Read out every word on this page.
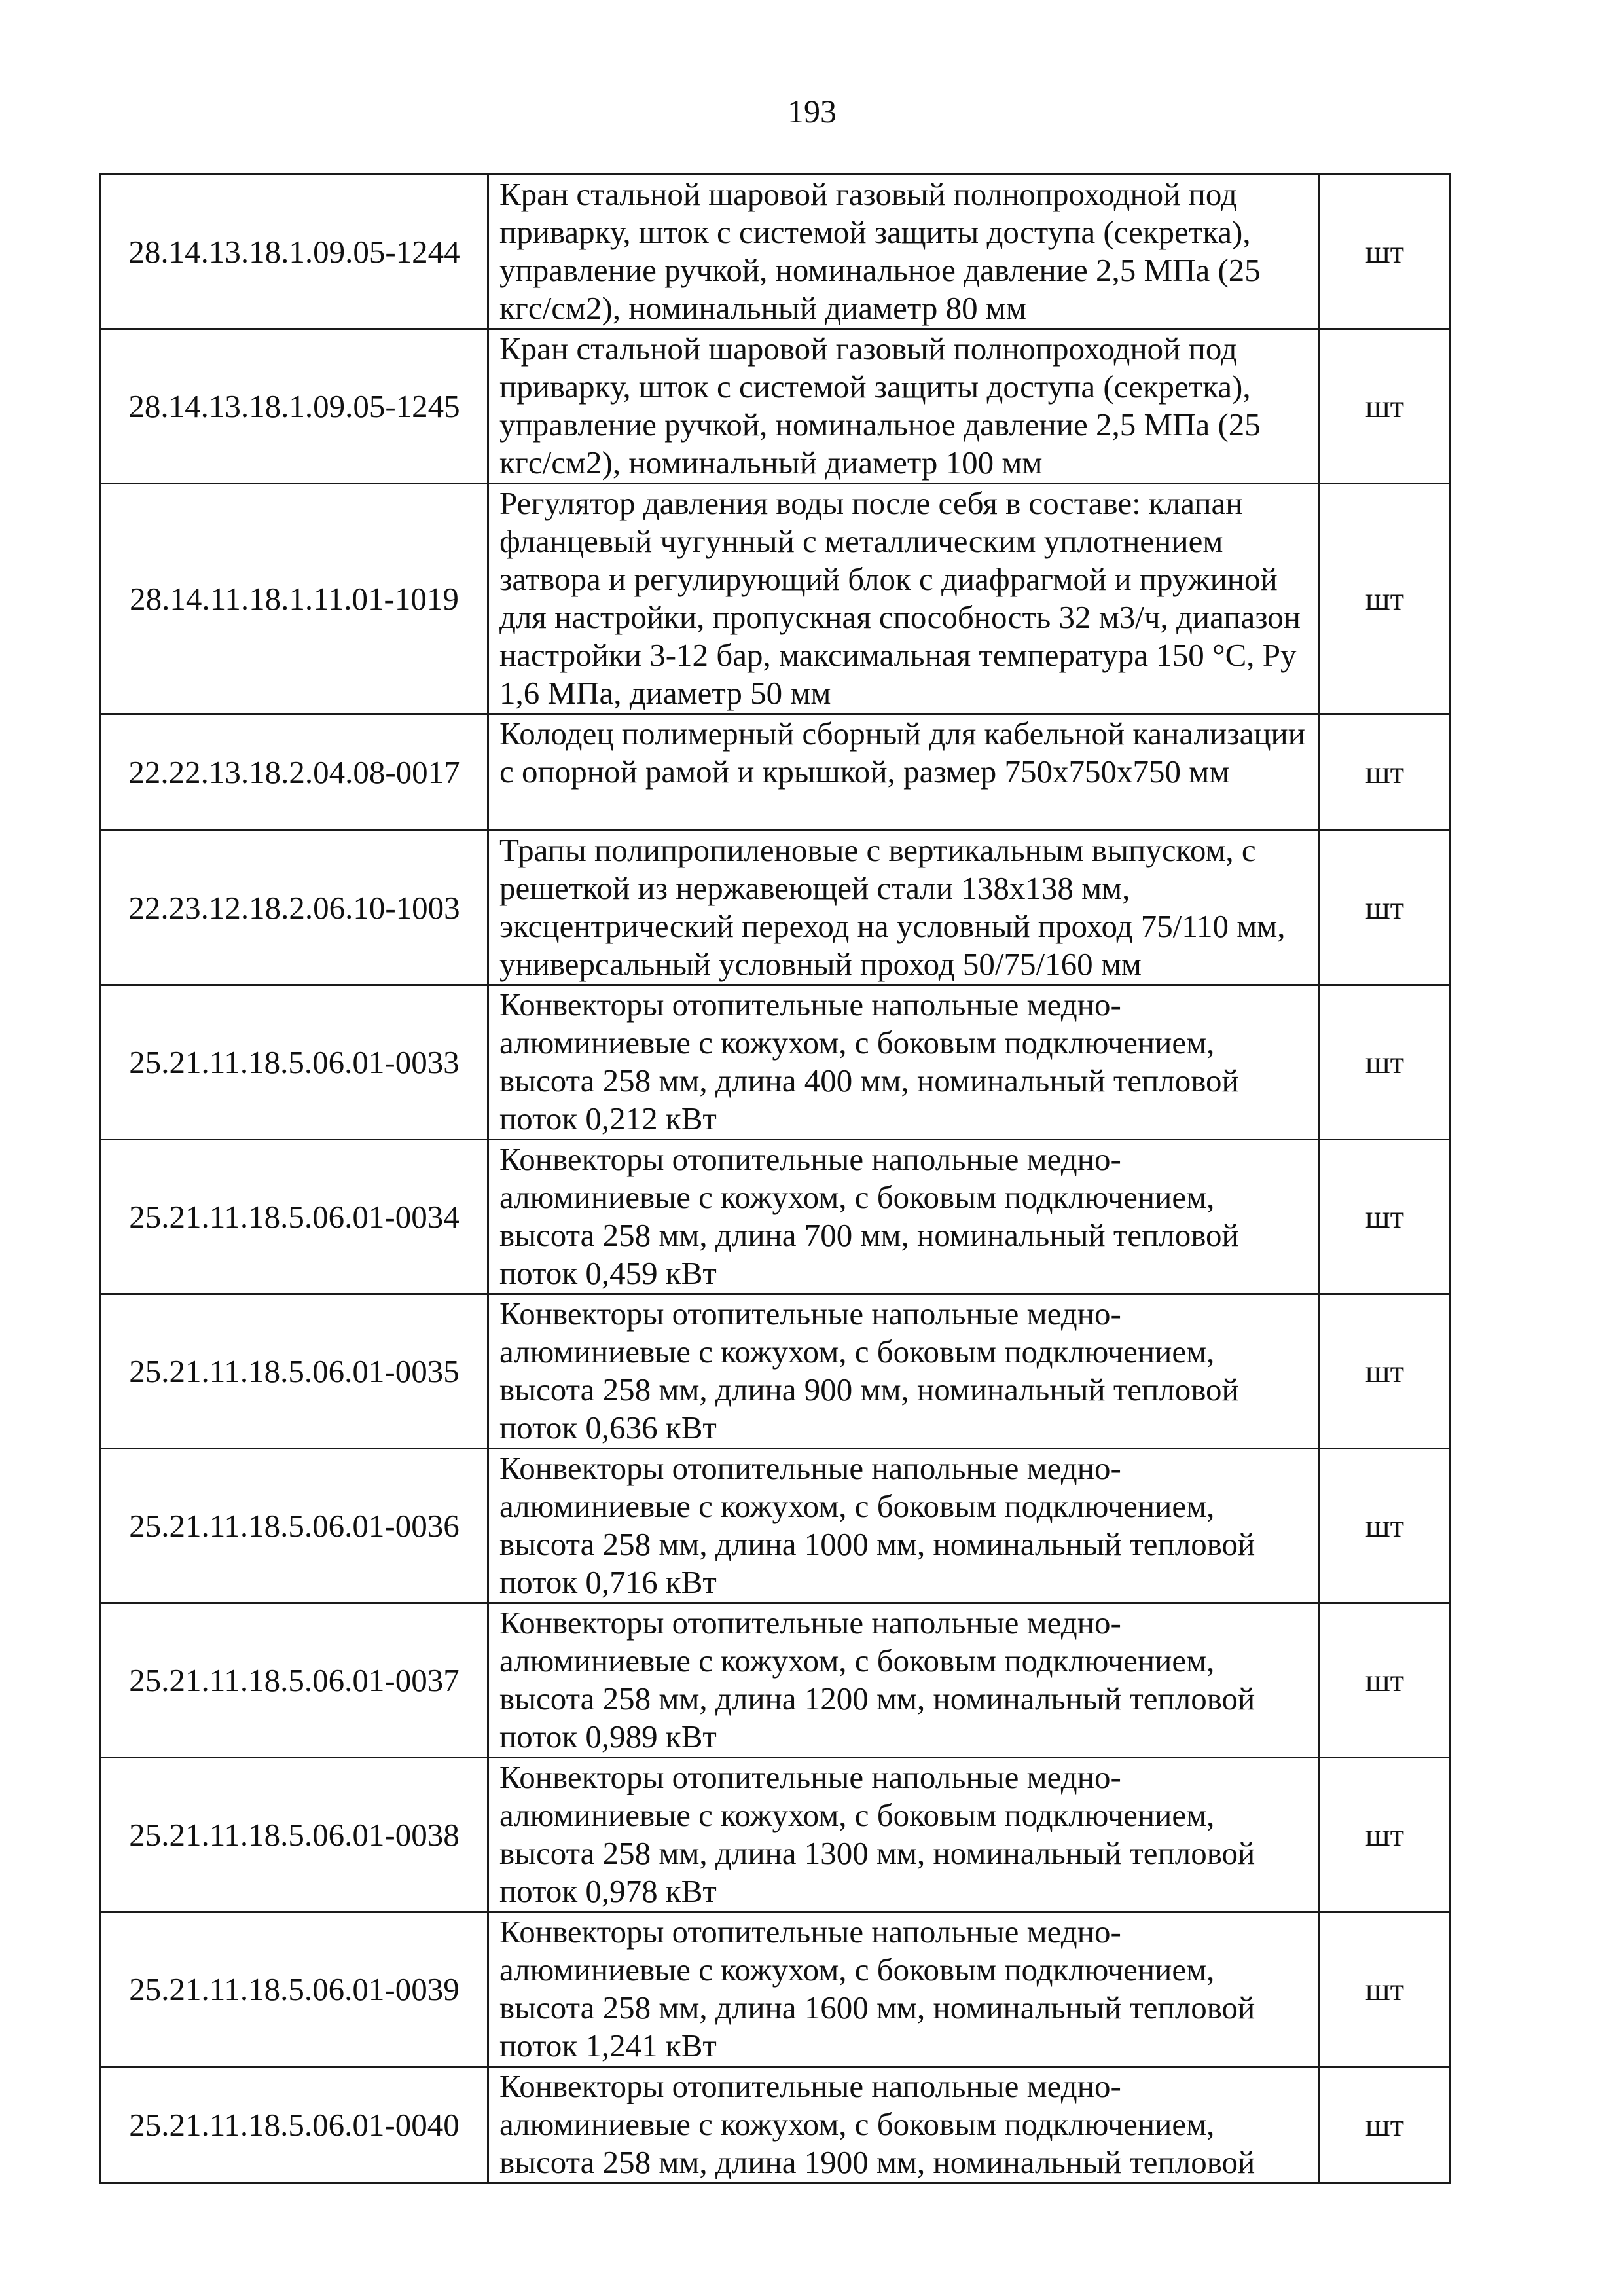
193
28.14.13.18.1.09.05-1244	Кран стальной шаровой газовый полнопроходной под приварку, шток с системой защиты доступа (секретка), управление ручкой, номинальное давление 2,5 МПа (25 кгс/см2), номинальный диаметр 80 мм	шт
28.14.13.18.1.09.05-1245	Кран стальной шаровой газовый полнопроходной под приварку, шток с системой защиты доступа (секретка), управление ручкой, номинальное давление 2,5 МПа (25 кгс/см2), номинальный диаметр 100 мм	шт
28.14.11.18.1.11.01-1019	Регулятор давления воды после себя в составе: клапан фланцевый чугунный с металлическим уплотнением затвора и регулирующий блок с диафрагмой и пружиной для настройки, пропускная способность 32 м3/ч, диапазон настройки 3-12 бар, максимальная температура 150 °С, Ру 1,6 МПа, диаметр 50 мм	шт
22.22.13.18.2.04.08-0017	Колодец полимерный сборный для кабельной канализации с опорной рамой и крышкой, размер 750х750х750 мм	шт
22.23.12.18.2.06.10-1003	Трапы полипропиленовые с вертикальным выпуском, с решеткой из нержавеющей стали 138х138 мм, эксцентрический переход на условный проход 75/110 мм, универсальный условный проход 50/75/160 мм	шт
25.21.11.18.5.06.01-0033	Конвекторы отопительные напольные медно-алюминиевые с кожухом, с боковым подключением, высота 258 мм, длина 400 мм, номинальный тепловой поток 0,212 кВт	шт
25.21.11.18.5.06.01-0034	Конвекторы отопительные напольные медно-алюминиевые с кожухом, с боковым подключением, высота 258 мм, длина 700 мм, номинальный тепловой поток 0,459 кВт	шт
25.21.11.18.5.06.01-0035	Конвекторы отопительные напольные медно-алюминиевые с кожухом, с боковым подключением, высота 258 мм, длина 900 мм, номинальный тепловой поток 0,636 кВт	шт
25.21.11.18.5.06.01-0036	Конвекторы отопительные напольные медно-алюминиевые с кожухом, с боковым подключением, высота 258 мм, длина 1000 мм, номинальный тепловой поток 0,716 кВт	шт
25.21.11.18.5.06.01-0037	Конвекторы отопительные напольные медно-алюминиевые с кожухом, с боковым подключением, высота 258 мм, длина 1200 мм, номинальный тепловой поток 0,989 кВт	шт
25.21.11.18.5.06.01-0038	Конвекторы отопительные напольные медно-алюминиевые с кожухом, с боковым подключением, высота 258 мм, длина 1300 мм, номинальный тепловой поток 0,978 кВт	шт
25.21.11.18.5.06.01-0039	Конвекторы отопительные напольные медно-алюминиевые с кожухом, с боковым подключением, высота 258 мм, длина 1600 мм, номинальный тепловой поток 1,241 кВт	шт
25.21.11.18.5.06.01-0040	Конвекторы отопительные напольные медно-алюминиевые с кожухом, с боковым подключением, высота 258 мм, длина 1900 мм, номинальный тепловой	шт
